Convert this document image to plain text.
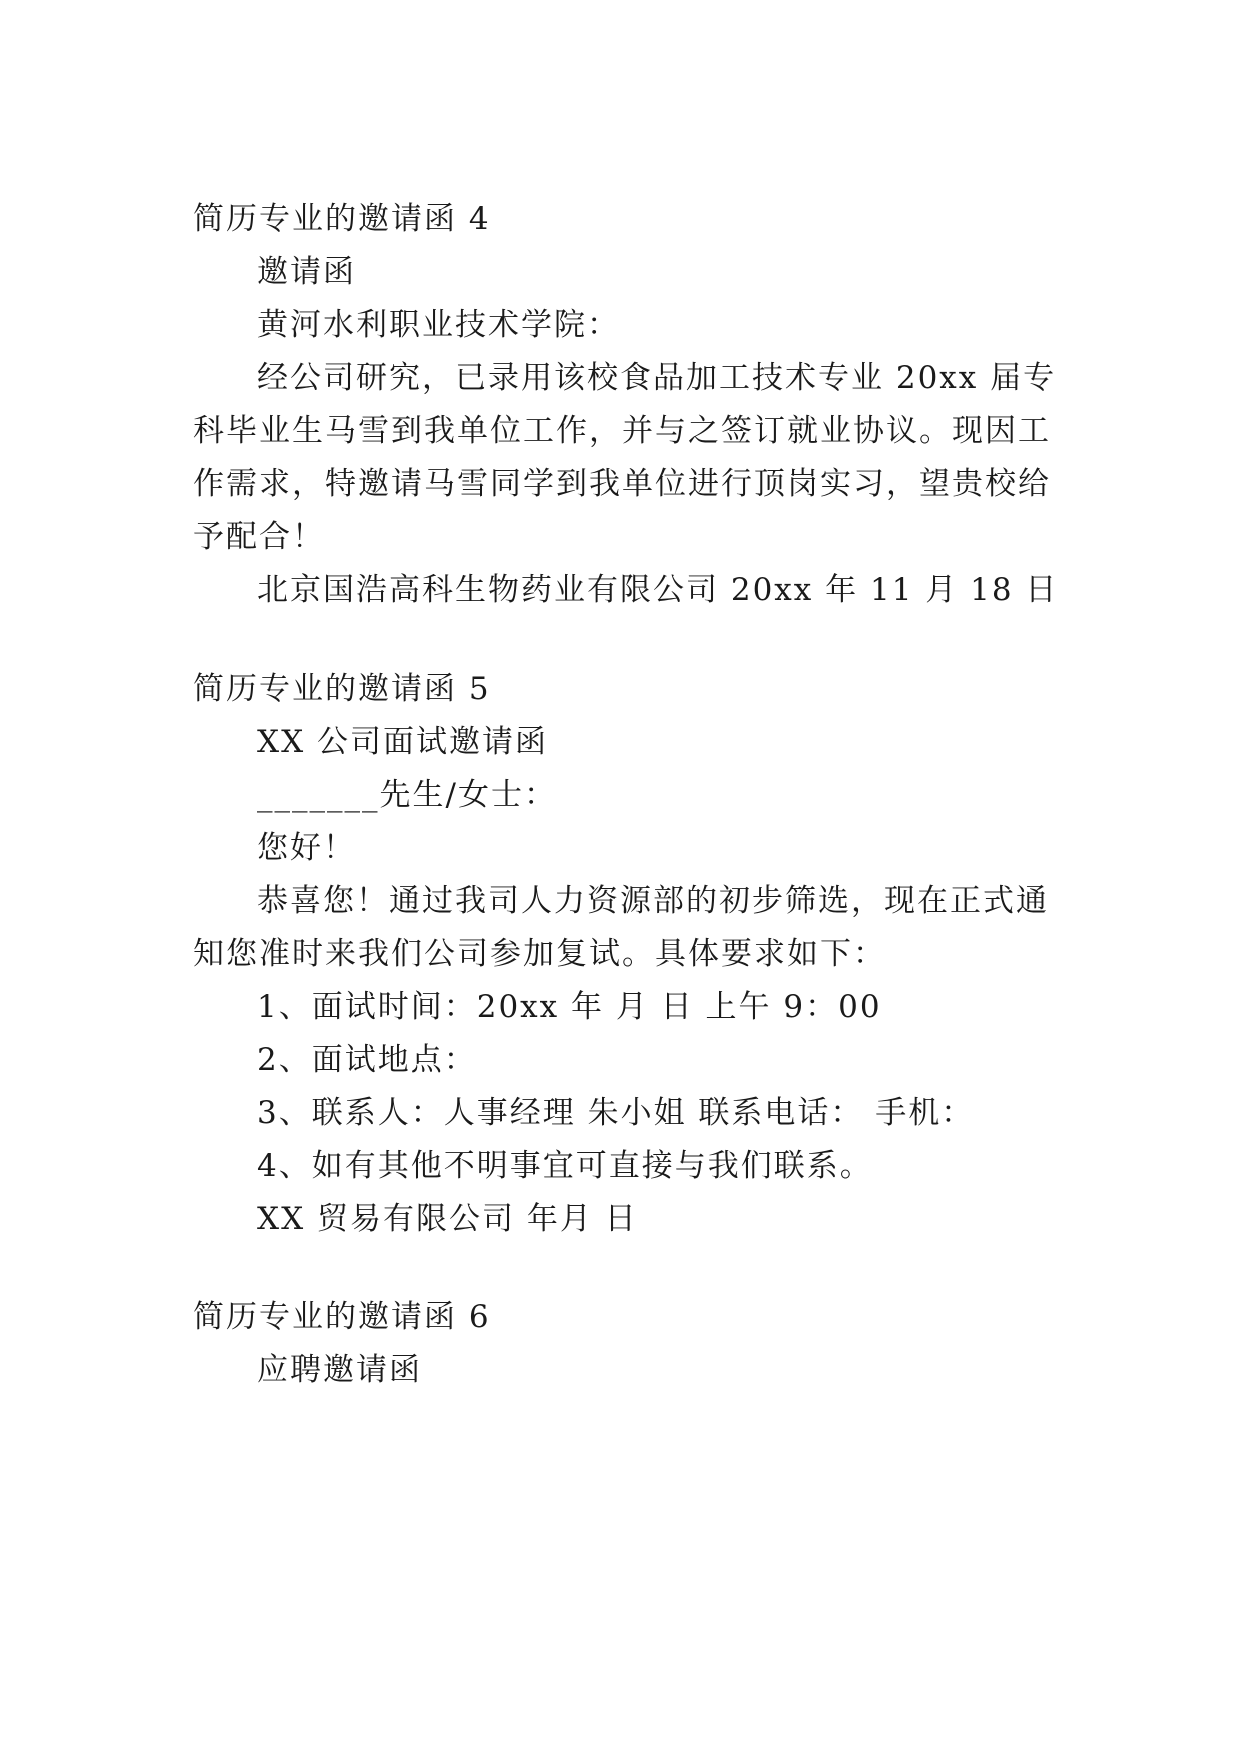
简历专业的邀请函 4
邀请函
黄河水利职业技术学院：
经公司研究，已录用该校食品加工技术专业 20xx 届专
科毕业生马雪到我单位工作，并与之签订就业协议。现因工
作需求，特邀请马雪同学到我单位进行顶岗实习，望贵校给
予配合！
北京国浩高科生物药业有限公司 20xx 年 11 月 18 日
简历专业的邀请函 5
XX 公司面试邀请函
_______先生/女士：
您好！
恭喜您！通过我司人力资源部的初步筛选，现在正式通
知您准时来我们公司参加复试。具体要求如下：
1、面试时间：20xx 年 月 日 上午 9：00
2、面试地点：
3、联系人：人事经理 朱小姐 联系电话： 手机：
4、如有其他不明事宜可直接与我们联系。
XX 贸易有限公司 年月 日
简历专业的邀请函 6
应聘邀请函
